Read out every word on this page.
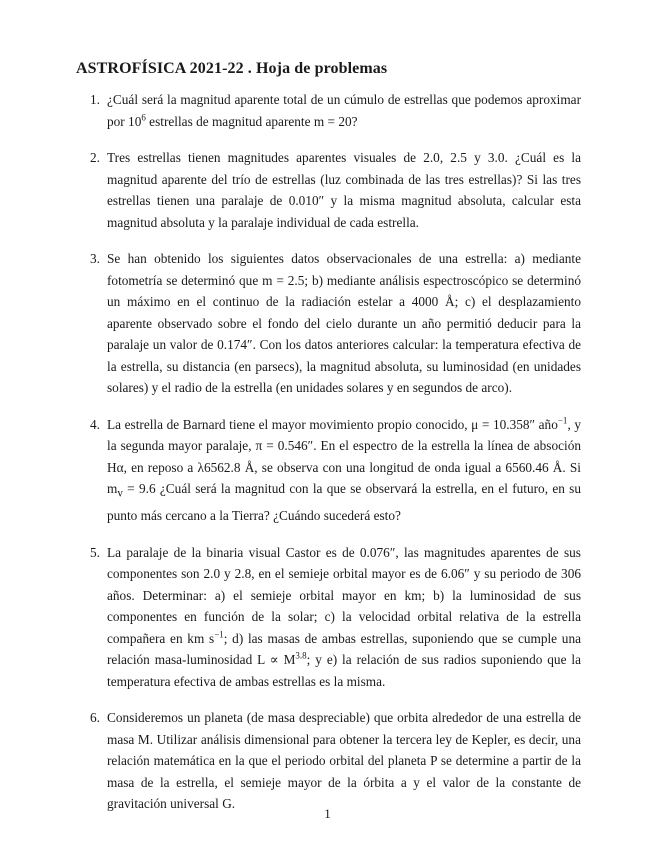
ASTROFÍSICA 2021-22 . Hoja de problemas
1. ¿Cuál será la magnitud aparente total de un cúmulo de estrellas que podemos aproximar por $10^6$ estrellas de magnitud aparente m = 20?
2. Tres estrellas tienen magnitudes aparentes visuales de 2.0, 2.5 y 3.0. ¿Cuál es la magnitud aparente del trío de estrellas (luz combinada de las tres estrellas)? Si las tres estrellas tienen una paralaje de 0.010″ y la misma magnitud absoluta, calcular esta magnitud absoluta y la paralaje individual de cada estrella.
3. Se han obtenido los siguientes datos observacionales de una estrella: a) mediante fotometría se determinó que m = 2.5; b) mediante análisis espectroscópico se determinó un máximo en el continuo de la radiación estelar a 4000 Å; c) el desplazamiento aparente observado sobre el fondo del cielo durante un año permitió deducir para la paralaje un valor de 0.174″. Con los datos anteriores calcular: la temperatura efectiva de la estrella, su distancia (en parsecs), la magnitud absoluta, su luminosidad (en unidades solares) y el radio de la estrella (en unidades solares y en segundos de arco).
4. La estrella de Barnard tiene el mayor movimiento propio conocido, μ = 10.358″ año$^{-1}$, y la segunda mayor paralaje, π = 0.546″. En el espectro de la estrella la línea de absoción Hα, en reposo a λ6562.8 Å, se observa con una longitud de onda igual a 6560.46 Å. Si $m_v = 9.6$ ¿Cuál será la magnitud con la que se observará la estrella, en el futuro, en su punto más cercano a la Tierra? ¿Cuándo sucederá esto?
5. La paralaje de la binaria visual Castor es de 0.076″, las magnitudes aparentes de sus componentes son 2.0 y 2.8, en el semieje orbital mayor es de 6.06″ y su periodo de 306 años. Determinar: a) el semieje orbital mayor en km; b) la luminosidad de sus componentes en función de la solar; c) la velocidad orbital relativa de la estrella compañera en km $s^{-1}$; d) las masas de ambas estrellas, suponiendo que se cumple una relación masa-luminosidad $L \propto M^{3.8}$; y e) la relación de sus radios suponiendo que la temperatura efectiva de ambas estrellas es la misma.
6. Consideremos un planeta (de masa despreciable) que orbita alrededor de una estrella de masa M. Utilizar análisis dimensional para obtener la tercera ley de Kepler, es decir, una relación matemática en la que el periodo orbital del planeta P se determine a partir de la masa de la estrella, el semieje mayor de la órbita a y el valor de la constante de gravitación universal G.
1
